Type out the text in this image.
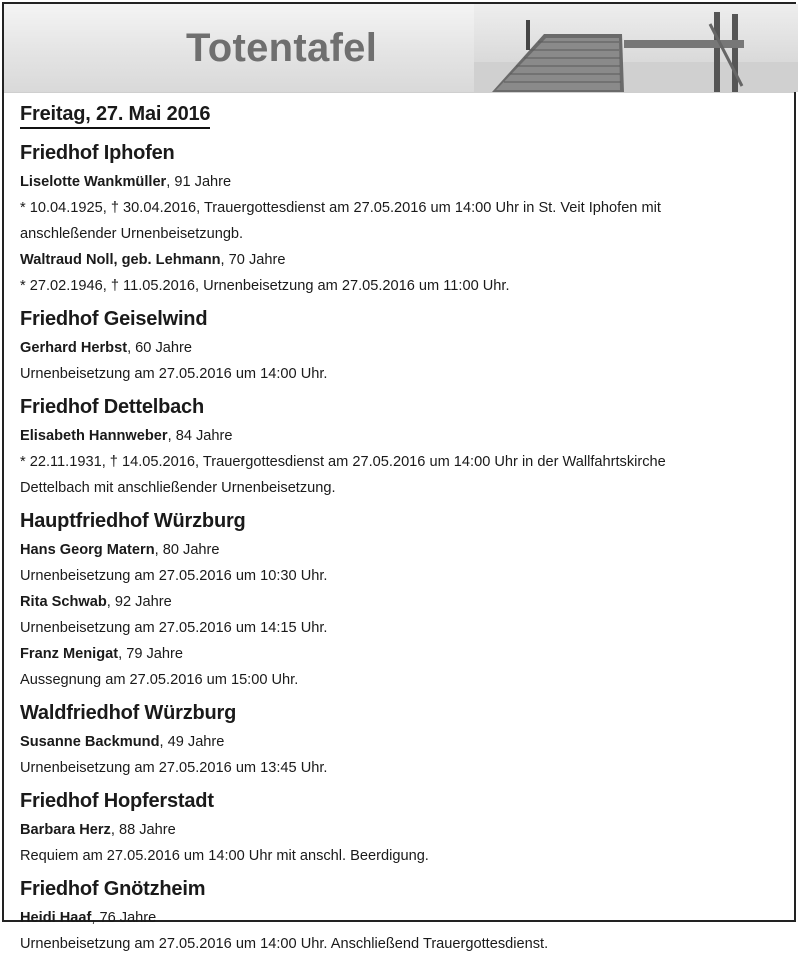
Totentafel
Freitag, 27. Mai 2016
Friedhof Iphofen
Liselotte Wankmüller, 91 Jahre
* 10.04.1925, † 30.04.2016, Trauergottesdienst am 27.05.2016 um 14:00 Uhr in St. Veit Iphofen mit
anschleßender Urnenbeisetzungb.
Waltraud Noll, geb. Lehmann, 70 Jahre
* 27.02.1946, † 11.05.2016, Urnenbeisetzung am 27.05.2016 um 11:00 Uhr.
Friedhof Geiselwind
Gerhard Herbst, 60 Jahre
Urnenbeisetzung am 27.05.2016 um 14:00 Uhr.
Friedhof Dettelbach
Elisabeth Hannweber, 84 Jahre
* 22.11.1931, † 14.05.2016, Trauergottesdienst am 27.05.2016 um 14:00 Uhr in der Wallfahrtskirche
Dettelbach mit anschließender Urnenbeisetzung.
Hauptfriedhof Würzburg
Hans Georg Matern, 80 Jahre
Urnenbeisetzung am 27.05.2016 um 10:30 Uhr.
Rita Schwab, 92 Jahre
Urnenbeisetzung am 27.05.2016 um 14:15 Uhr.
Franz Menigat, 79 Jahre
Aussegnung am 27.05.2016 um 15:00 Uhr.
Waldfriedhof Würzburg
Susanne Backmund, 49 Jahre
Urnenbeisetzung am 27.05.2016 um 13:45 Uhr.
Friedhof Hopferstadt
Barbara Herz, 88 Jahre
Requiem am 27.05.2016 um 14:00 Uhr mit anschl. Beerdigung.
Friedhof Gnötzheim
Heidi Haaf, 76 Jahre
Urnenbeisetzung am 27.05.2016 um 14:00 Uhr. Anschließend Trauergottesdienst.
